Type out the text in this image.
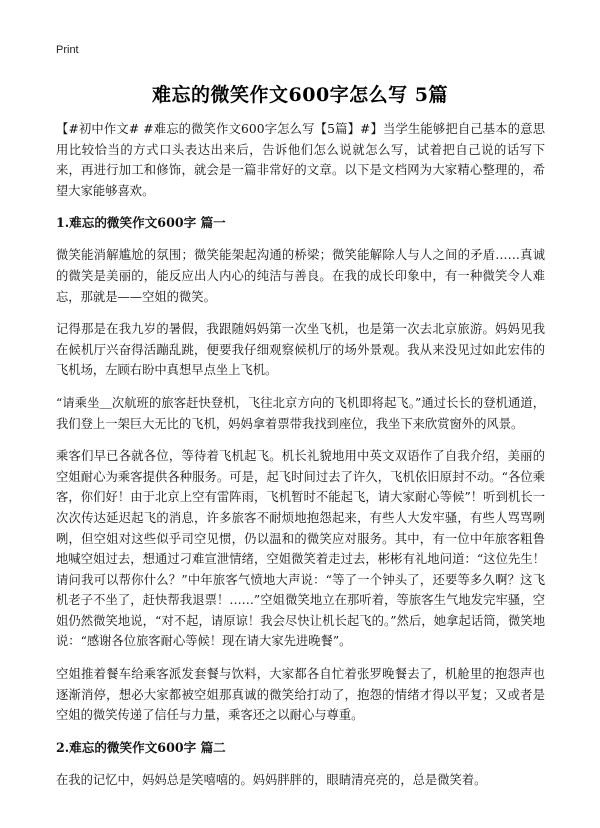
Print
难忘的微笑作文600字怎么写 5篇

【#初中作文# #难忘的微笑作文600字怎么写【5篇】#】当学生能够把自己基本的意思用比较恰当的方式口头表达出来后，告诉他们怎么说就怎么写，试着把自己说的话写下来，再进行加工和修饰，就会是一篇非常好的文章。以下是文档网为大家精心整理的，希望大家能够喜欢。

1.难忘的微笑作文600字 篇一

微笑能消解尴尬的氛围；微笑能架起沟通的桥梁；微笑能解除人与人之间的矛盾……真诚的微笑是美丽的，能反应出人内心的纯洁与善良。在我的成长印象中，有一种微笑令人难忘，那就是——空姐的微笑。

记得那是在我九岁的暑假，我跟随妈妈第一次坐飞机，也是第一次去北京旅游。妈妈见我在候机厅兴奋得活蹦乱跳，便要我仔细观察候机厅的场外景观。我从来没见过如此宏伟的飞机场，左顾右盼中真想早点坐上飞机。

“请乘坐＿次航班的旅客赶快登机，飞往北京方向的飞机即将起飞。”通过长长的登机通道，我们登上一架巨大无比的飞机，妈妈拿着票带我找到座位，我坐下来欣赏窗外的风景。

乘客们早已各就各位，等待着飞机起飞。机长礼貌地用中英文双语作了自我介绍，美丽的空姐耐心为乘客提供各种服务。可是，起飞时间过去了许久，飞机依旧原封不动。“各位乘客，你们好！由于北京上空有雷阵雨，飞机暂时不能起飞，请大家耐心等候”！听到机长一次次传达延迟起飞的消息，许多旅客不耐烦地抱怨起来，有些人大发牢骚，有些人骂骂咧咧，但空姐对这些似乎司空见惯，仍以温和的微笑应对服务。其中，有一位中年旅客粗鲁地喊空姐过去，想通过刁难宣泄情绪，空姐微笑着走过去，彬彬有礼地问道：“这位先生！请问我可以帮你什么？”中年旅客气愤地大声说：“等了一个钟头了，还要等多久啊？这飞机老子不坐了，赶快帮我退票！……”空姐微笑地立在那听着，等旅客生气地发完牢骚，空姐仍然微笑地说，“对不起，请原谅！我会尽快让机长起飞的。”然后，她拿起话筒，微笑地说：“感谢各位旅客耐心等候！现在请大家先进晚餐”。

空姐推着餐车给乘客派发套餐与饮料，大家都各自忙着张罗晚餐去了，机舱里的抱怨声也逐渐消停，想必大家都被空姐那真诚的微笑给打动了，抱怨的情绪才得以平复；又或者是空姐的微笑传递了信任与力量，乘客还之以耐心与尊重。

2.难忘的微笑作文600字 篇二

在我的记忆中，妈妈总是笑嘻嘻的。妈妈胖胖的，眼睛清亮亮的，总是微笑着。
